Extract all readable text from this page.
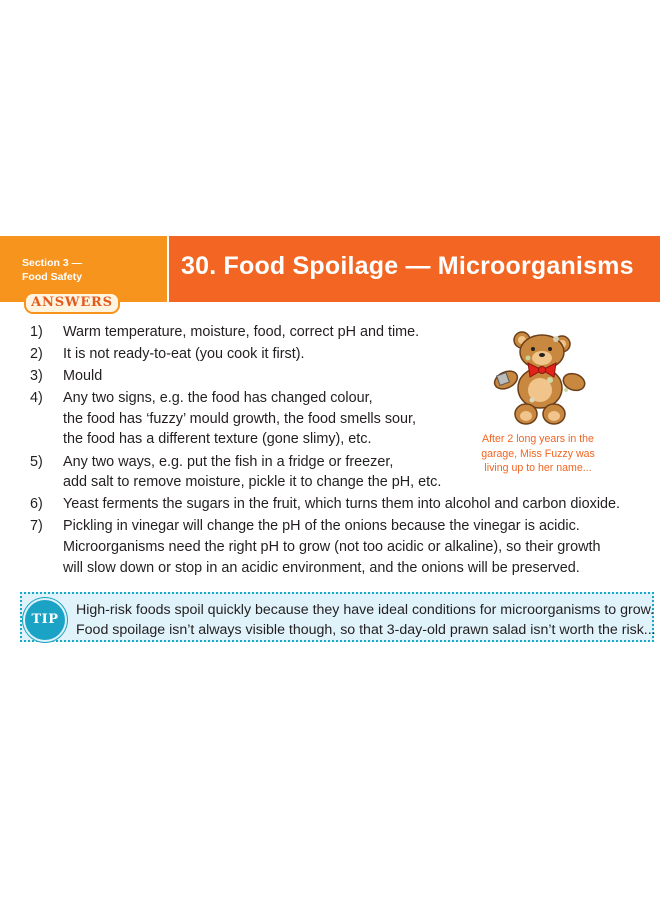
Section 3 —
Food Safety	30. Food Spoilage — Microorganisms
ANSWERS
1)	Warm temperature, moisture, food, correct pH and time.
2)	It is not ready-to-eat (you cook it first).
3)	Mould
4)	Any two signs, e.g. the food has changed colour,
the food has ‘fuzzy’ mould growth, the food smells sour,
the food has a different texture (gone slimy), etc.
5)	Any two ways, e.g. put the fish in a fridge or freezer,
add salt to remove moisture, pickle it to change the pH, etc.
6)	Yeast ferments the sugars in the fruit, which turns them into alcohol and carbon dioxide.
7)	Pickling in vinegar will change the pH of the onions because the vinegar is acidic.
Microorganisms need the right pH to grow (not too acidic or alkaline), so their growth
will slow down or stop in an acidic environment, and the onions will be preserved.
After 2 long years in the
garage, Miss Fuzzy was
living up to her name...
TIP
High-risk foods spoil quickly because they have ideal conditions for microorganisms to grow.
Food spoilage isn’t always visible though, so that 3-day-old prawn salad isn’t worth the risk...
